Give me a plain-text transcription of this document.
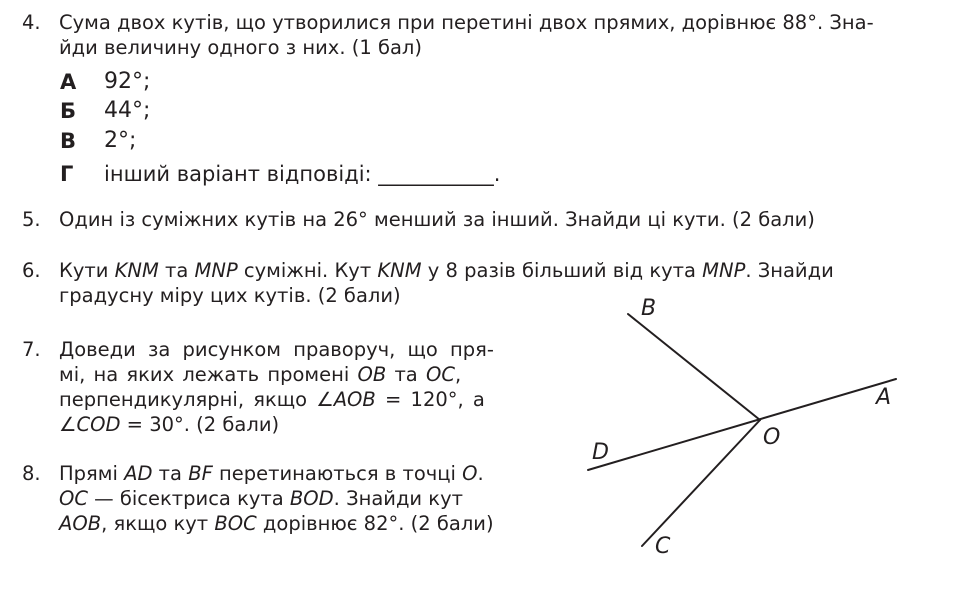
4. Сума двох кутів, що утворилися при перетині двох прямих, дорівнює 88°. Зна-
йди величину одного з них. (1 бал)
А 92°;
Б 44°;
В 2°;
Г інший варіант відповіді: ___________.
5. Один із суміжних кутів на 26° менший за інший. Знайди ці кути. (2 бали)
6. Кути KNM та MNP суміжні. Кут KNM у 8 разів більший від кута MNP. Знайди
градусну міру цих кутів. (2 бали)
7. Доведи за рисунком праворуч, що пря-
мі, на яких лежать промені OB та OC,
перпендикулярні, якщо ∠AOB = 120°, а
∠COD = 30°. (2 бали)
8. Прямі AD та BF перетинаються в точці O.
OC — бісектриса кута BOD. Знайди кут
AOB, якщо кут BOC дорівнює 82°. (2 бали)
B
A
O
D
C
